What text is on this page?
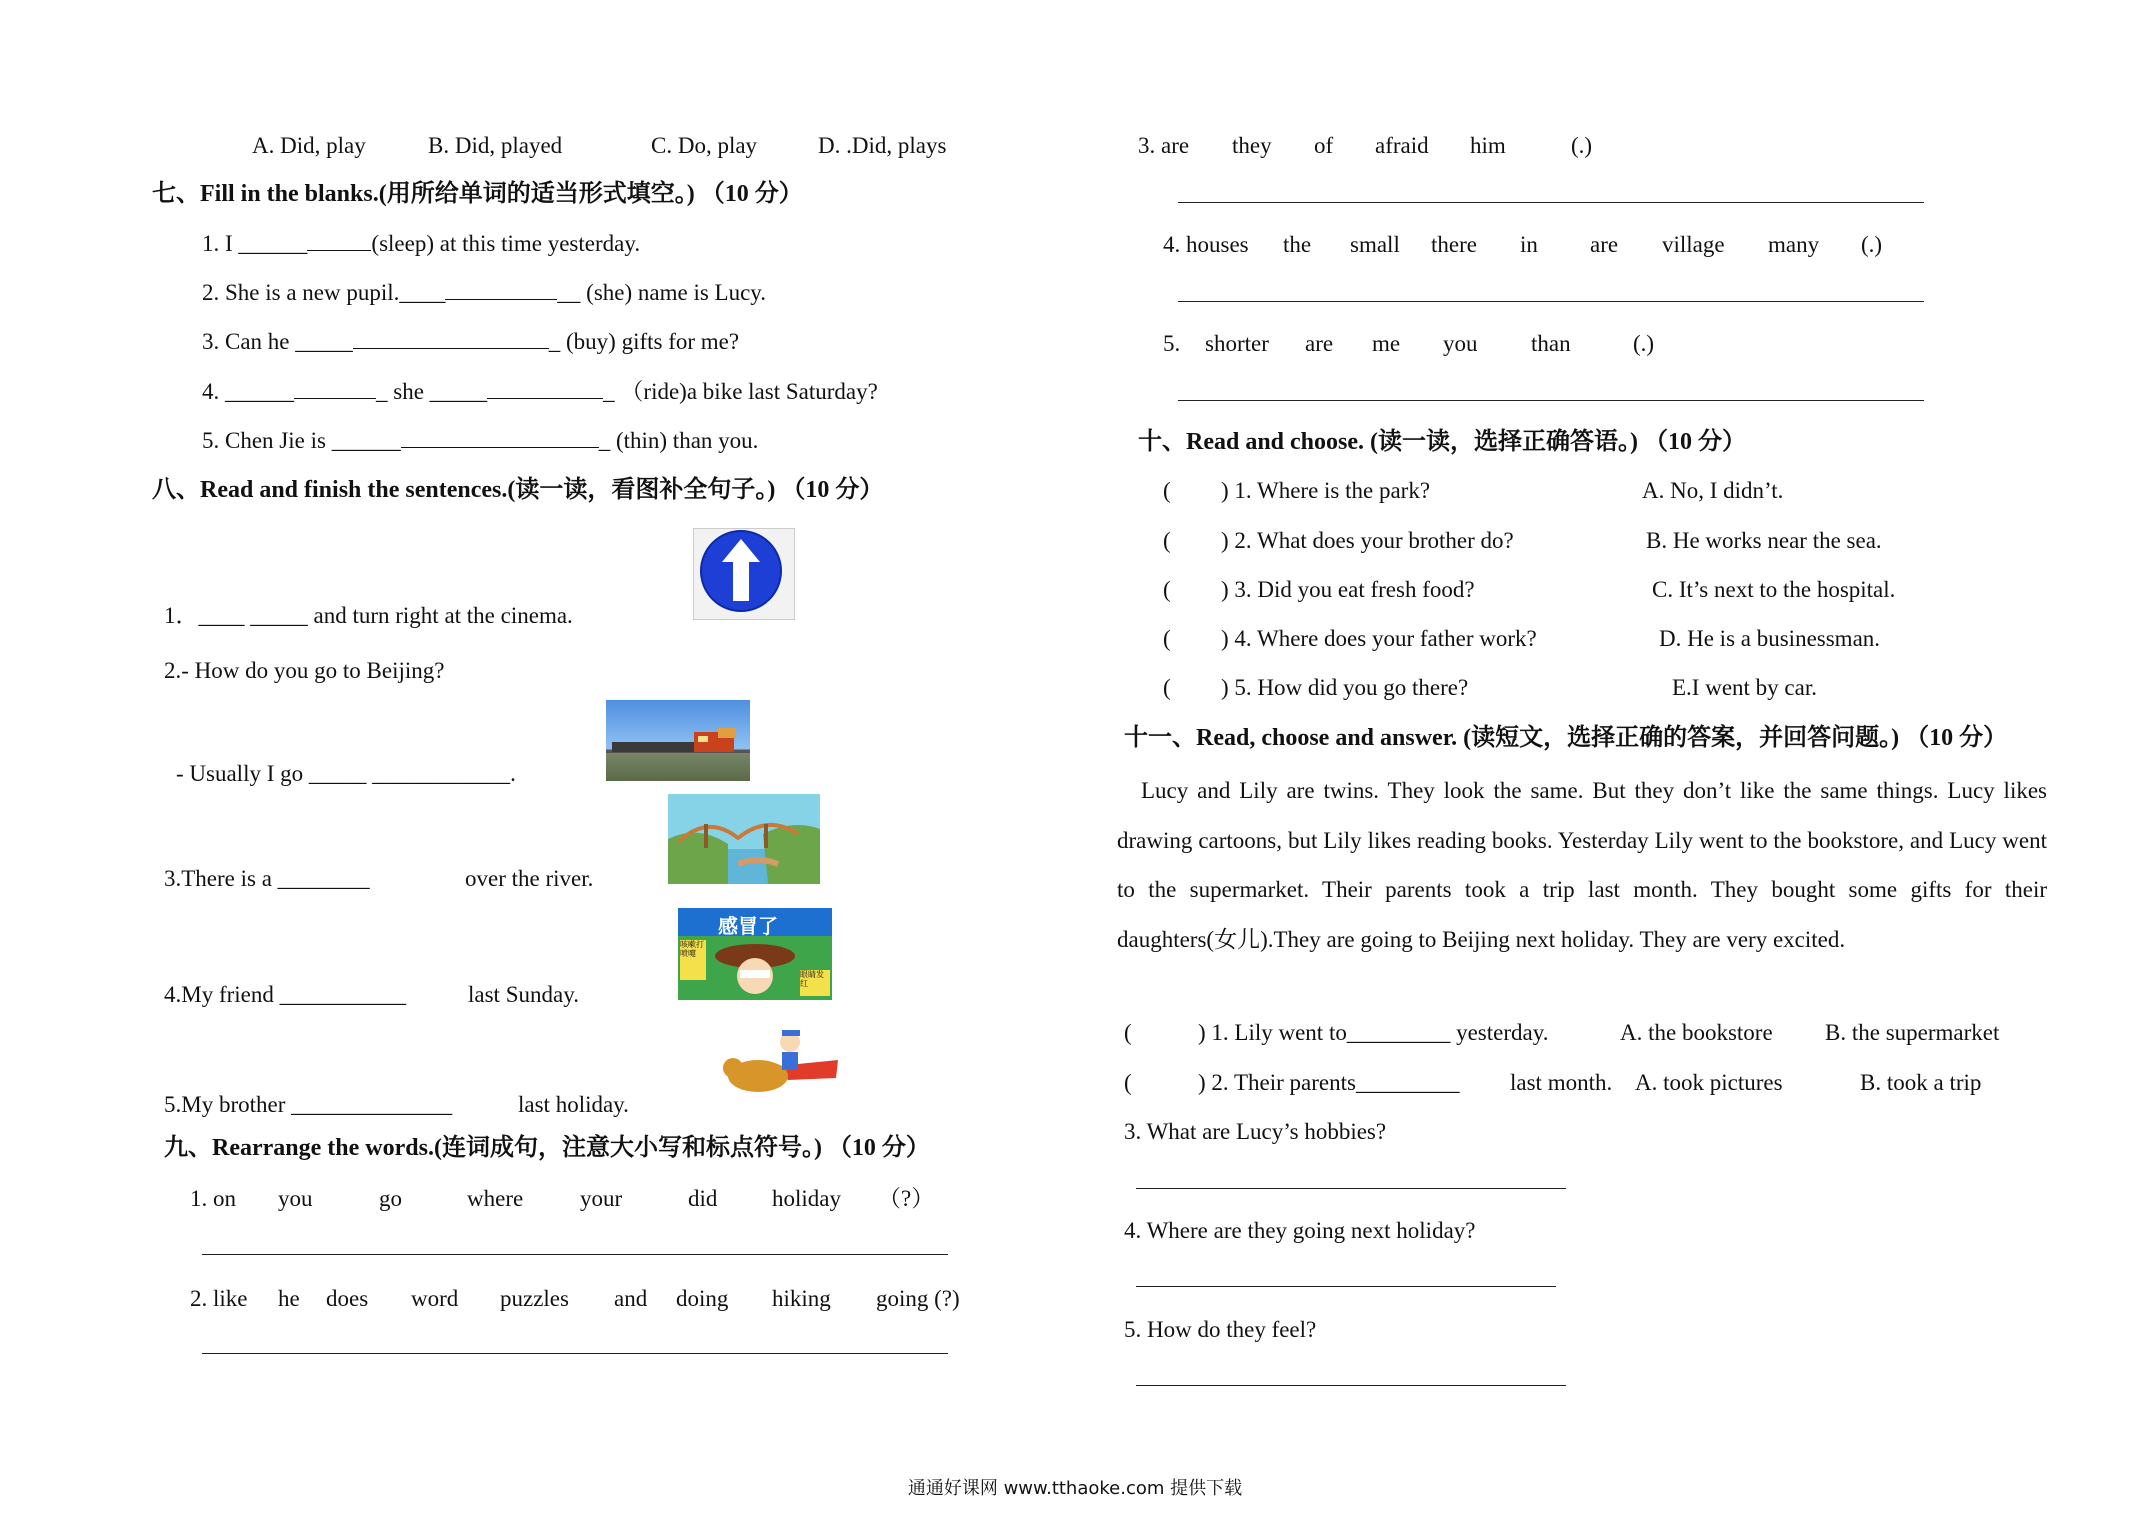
A. Did, play	B. Did, played	C. Do, play	D. .Did, plays
七、Fill in the blanks.(用所给单词的适当形式填空。) （10 分）
1. I ______	(sleep) at this time yesterday.
2. She is a new pupil.____	__ (she) name is Lucy.
3. Can he _____	_ (buy) gifts for me?
4. ______	_ she _____	_ （ride)a bike last Saturday?
5. Chen Jie is ______	_ (thin) than you.
八、Read and finish the sentences.(读一读，看图补全句子。) （10 分）
1．____ _____ and turn right at the cinema.
2.- How do you go to Beijing?
- Usually I go _____ ____________.
3.There is a ________	over the river.
感冒了
咳嗽打喷嚏
眼睛发红
4.My friend ___________	last Sunday.
5.My brother ______________	last holiday.
九、Rearrange the words.(连词成句，注意大小写和标点符号。) （10 分）
1. on you	go	where your	did holiday （?）
2. like he does word puzzles and doing hiking going (?)
3. are they of afraid him	(.)
4. houses the small there in are village many (.)
5. shorter are me you than	(.)
十、Read and choose. (读一读，选择正确答语。) （10 分）
( ) 1. Where is the park?	A. No, I didn’t.
( ) 2. What does your brother do?	B. He works near the sea.
( ) 3. Did you eat fresh food?	C. It’s next to the hospital.
( ) 4. Where does your father work?	D. He is a businessman.
( ) 5. How did you go there?	E.I went by car.
十一、Read, choose and answer. (读短文，选择正确的答案，并回答问题。) （10 分）
Lucy and Lily are twins. They look the same. But they don’t like the same things. Lucy likes drawing cartoons, but Lily likes reading books. Yesterday Lily went to the bookstore, and Lucy went to the supermarket. Their parents took a trip last month. They bought some gifts for their daughters(女儿).They are going to Beijing next holiday. They are very excited.
(	) 1. Lily went to_________ yesterday.	A. the bookstore B. the supermarket
(	) 2. Their parents_________ last month. A. took pictures	B. took a trip
3. What are Lucy’s hobbies?
4. Where are they going next holiday?
5. How do they feel?
通通好课网 www.tthaoke.com 提供下载
